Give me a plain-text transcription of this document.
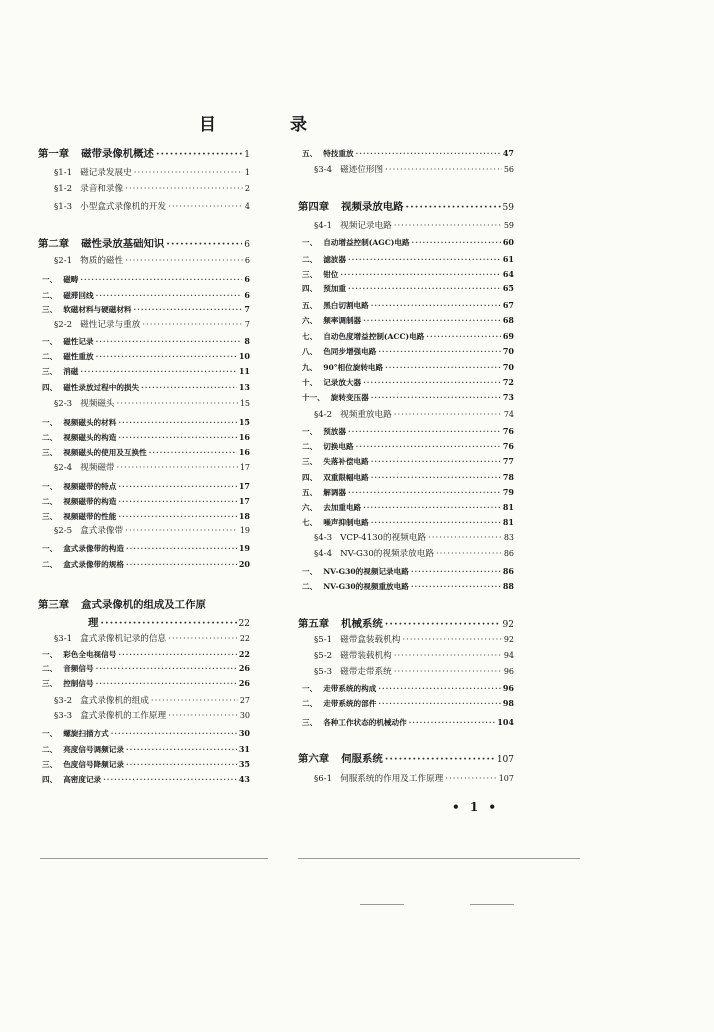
目 录
第一章 磁带录像机概述 ·····	1
§1-1 磁记录发展史 ·····	1
§1-2 录音和录像 ·····	2
§1-3 小型盒式录像机的开发 ·····	4
第二章 磁性录放基础知识 ·····	6
§2-1 物质的磁性 ·····	6
一、 磁畴 ·····	6
二、 磁滞回线 ·····	6
三、 软磁材料与硬磁材料 ·····	7
§2-2 磁性记录与重放 ·····	7
一、 磁性记录 ·····	8
二、 磁性重放 ·····	10
三、 消磁 ·····	11
四、 磁性录放过程中的损失 ·····	13
§2-3 视频磁头 ·····	15
一、 视频磁头的材料 ·····	15
二、 视频磁头的构造 ·····	16
三、 视频磁头的使用及互换性 ·····	16
§2-4 视频磁带 ·····	17
一、 视频磁带的特点 ·····	17
二、 视频磁带的构造 ·····	17
三、 视频磁带的性能 ·····	18
§2-5 盒式录像带 ·····	19
一、 盒式录像带的构造 ·····	19
二、 盒式录像带的规格 ·····	20
第三章 盒式录像机的组成及工作原
理 ·····	22
§3-1 盒式录像机记录的信息 ·····	22
一、 彩色全电视信号 ·····	22
二、 音频信号 ·····	26
三、 控制信号 ·····	26
§3-2 盒式录像机的组成 ·····	27
§3-3 盒式录像机的工作原理 ·····	30
一、 螺旋扫描方式 ·····	30
二、 亮度信号调频记录 ·····	31
三、 色度信号降频记录 ·····	35
四、 高密度记录 ·····	43
五、 特技重放 ·····	47
§3-4 磁迹位形图 ·····	56
第四章 视频录放电路 ·····	59
§4-1 视频记录电路 ·····	59
一、 自动增益控制(AGC)电路 ·····	60
二、 滤波器 ·····	61
三、 钳位 ·····	64
四、 预加重 ·····	65
五、 黑白切割电路 ·····	67
六、 频率调制器 ·····	68
七、 自动色度增益控制(ACC)电路 ·····	69
八、 色同步增强电路 ·····	70
九、 90°相位旋转电路 ·····	70
十、 记录放大器 ·····	72
十一、 旋转变压器 ·····	73
§4-2 视频重放电路 ·····	74
一、 预放器 ·····	76
二、 切换电路 ·····	76
三、 失落补偿电路 ·····	77
四、 双重限幅电路 ·····	78
五、 解调器 ·····	79
六、 去加重电路 ·····	81
七、 噪声抑制电路 ·····	81
§4-3 VCP-4130的视频电路 ·····	83
§4-4 NV-G30的视频录放电路 ·····	86
一、 NV-G30的视频记录电路 ·····	86
二、 NV-G30的视频重放电路 ·····	88
第五章 机械系统 ·····	92
§5-1 磁带盒装载机构 ·····	92
§5-2 磁带装载机构 ·····	94
§5-3 磁带走带系统 ·····	96
一、 走带系统的构成 ·····	96
二、 走带系统的部件 ·····	98
三、 各种工作状态的机械动作 ·····	104
第六章 伺服系统 ·····	107
§6-1 伺服系统的作用及工作原理 ·····	107
• 1 •
